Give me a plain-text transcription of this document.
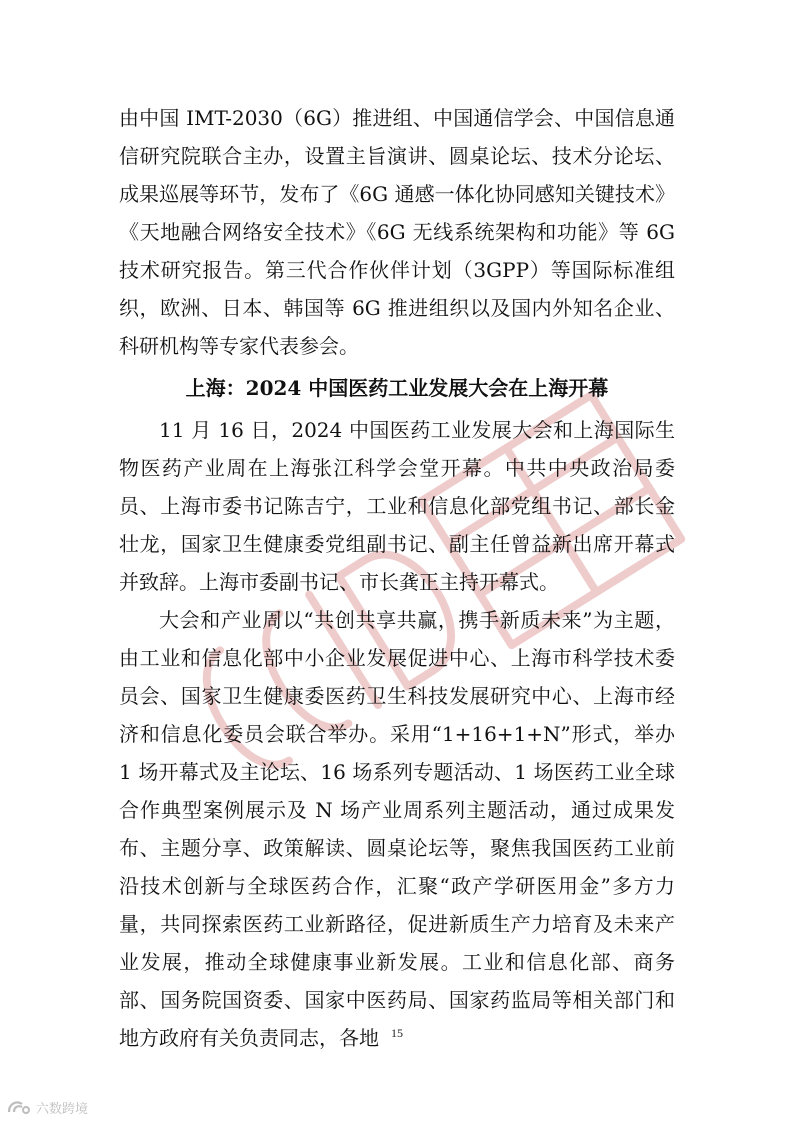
CCID赛迪

由中国 IMT-2030（6G）推进组、中国通信学会、中国信息通信研究院联合主办，设置主旨演讲、圆桌论坛、技术分论坛、成果巡展等环节，发布了《6G 通感一体化协同感知关键技术》《天地融合网络安全技术》《6G 无线系统架构和功能》等 6G 技术研究报告。第三代合作伙伴计划（3GPP）等国际标准组织，欧洲、日本、韩国等 6G 推进组织以及国内外知名企业、科研机构等专家代表参会。

上海：2024 中国医药工业发展大会在上海开幕

11 月 16 日，2024 中国医药工业发展大会和上海国际生物医药产业周在上海张江科学会堂开幕。中共中央政治局委员、上海市委书记陈吉宁，工业和信息化部党组书记、部长金壮龙，国家卫生健康委党组副书记、副主任曾益新出席开幕式并致辞。上海市委副书记、市长龚正主持开幕式。

大会和产业周以“共创共享共赢，携手新质未来”为主题，由工业和信息化部中小企业发展促进中心、上海市科学技术委员会、国家卫生健康委医药卫生科技发展研究中心、上海市经济和信息化委员会联合举办。采用“1+16+1+N”形式，举办 1 场开幕式及主论坛、16 场系列专题活动、1 场医药工业全球合作典型案例展示及 N 场产业周系列主题活动，通过成果发布、主题分享、政策解读、圆桌论坛等，聚焦我国医药工业前沿技术创新与全球医药合作，汇聚“政产学研医用金”多方力量，共同探索医药工业新路径，促进新质生产力培育及未来产业发展，推动全球健康事业新发展。工业和信息化部、商务部、国务院国资委、国家中医药局、国家药监局等相关部门和地方政府有关负责同志，各地	15
六数跨境
